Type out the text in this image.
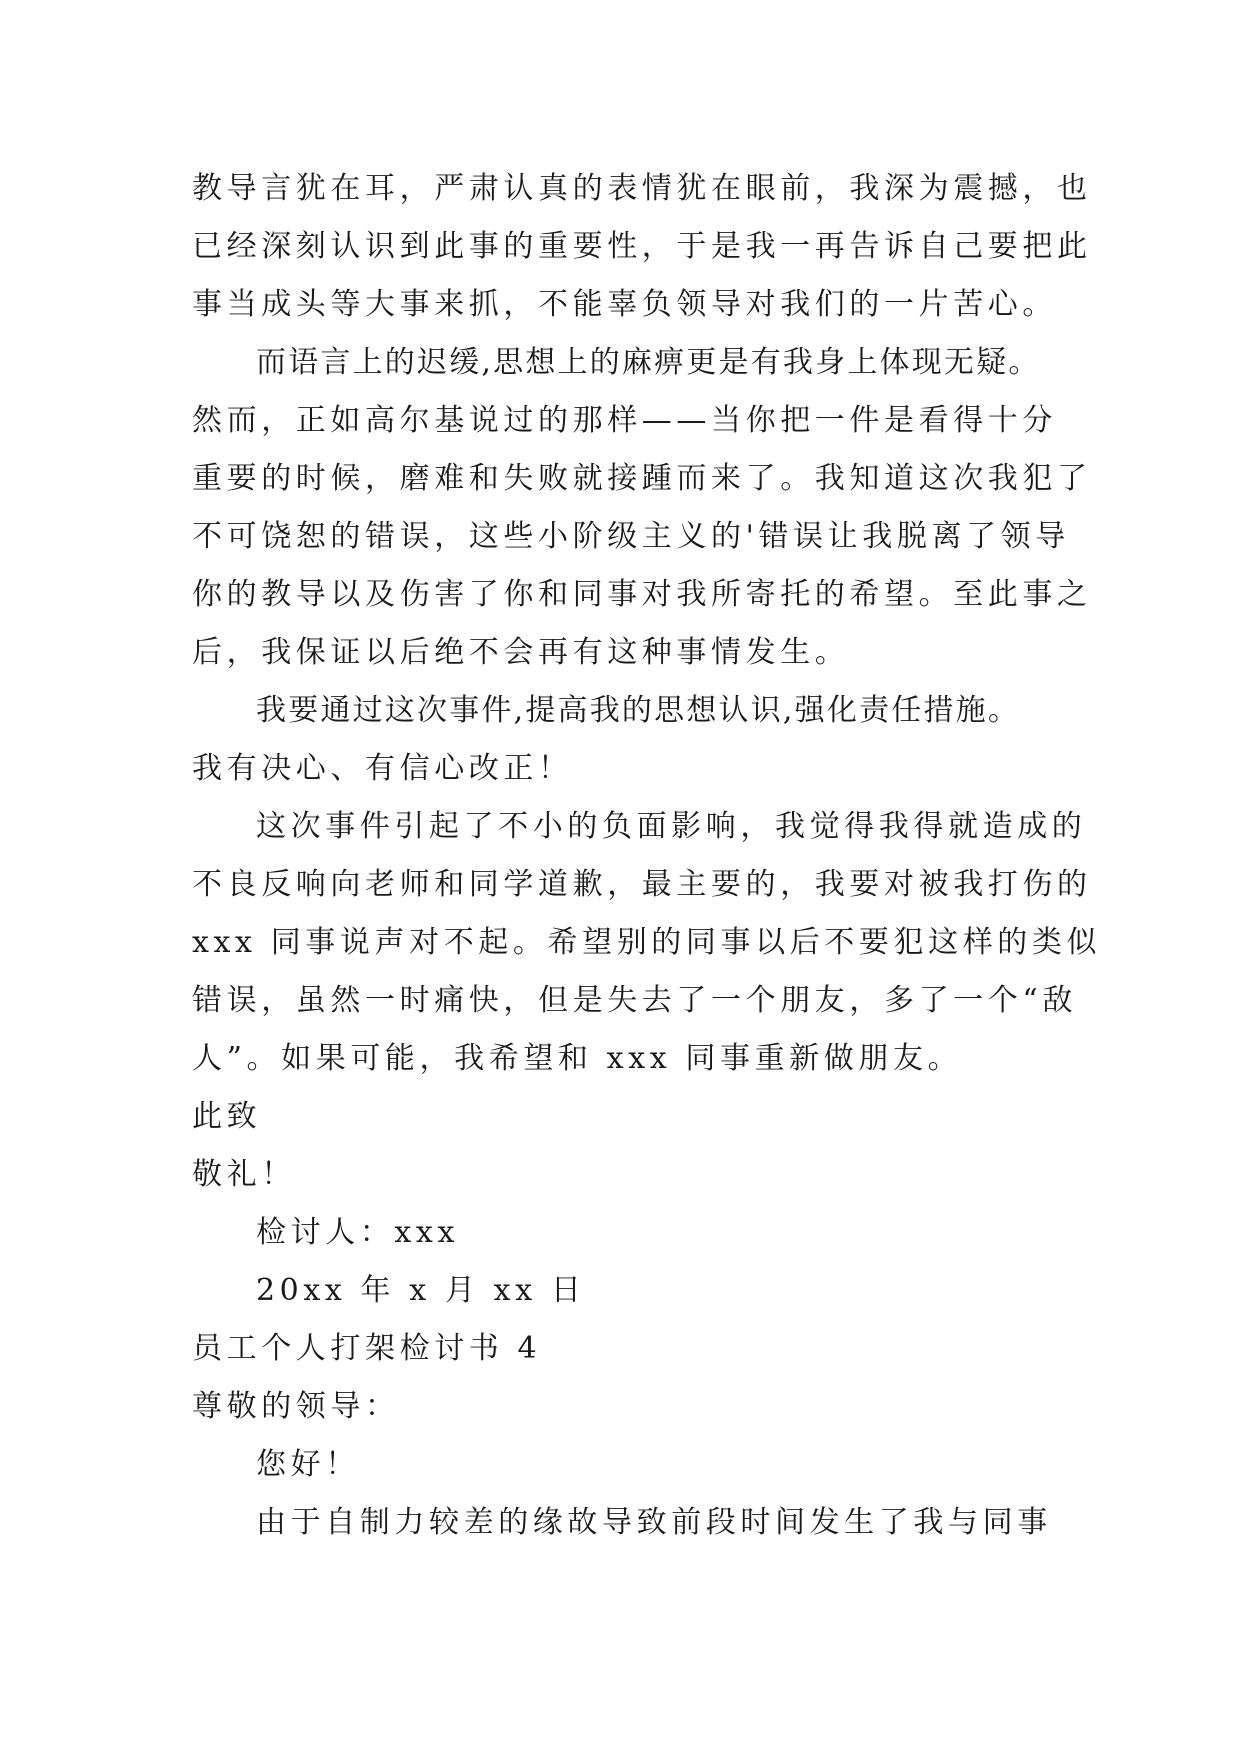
教导言犹在耳，严肃认真的表情犹在眼前，我深为震撼，也
已经深刻认识到此事的重要性，于是我一再告诉自己要把此
事当成头等大事来抓，不能辜负领导对我们的一片苦心。
而语言上的迟缓,思想上的麻痹更是有我身上体现无疑。
然而，正如高尔基说过的那样——当你把一件是看得十分
重要的时候，磨难和失败就接踵而来了。我知道这次我犯了
不可饶恕的错误，这些小阶级主义的'错误让我脱离了领导
你的教导以及伤害了你和同事对我所寄托的希望。至此事之
后，我保证以后绝不会再有这种事情发生。
我要通过这次事件,提高我的思想认识,强化责任措施。
我有决心、有信心改正！
这次事件引起了不小的负面影响，我觉得我得就造成的
不良反响向老师和同学道歉，最主要的，我要对被我打伤的
xxx 同事说声对不起。希望别的同事以后不要犯这样的类似
错误，虽然一时痛快，但是失去了一个朋友，多了一个“敌
人”。如果可能，我希望和 xxx 同事重新做朋友。
此致
敬礼！
检讨人：xxx
20xx 年 x 月 xx 日
员工个人打架检讨书 4
尊敬的领导：
您好！
由于自制力较差的缘故导致前段时间发生了我与同事
